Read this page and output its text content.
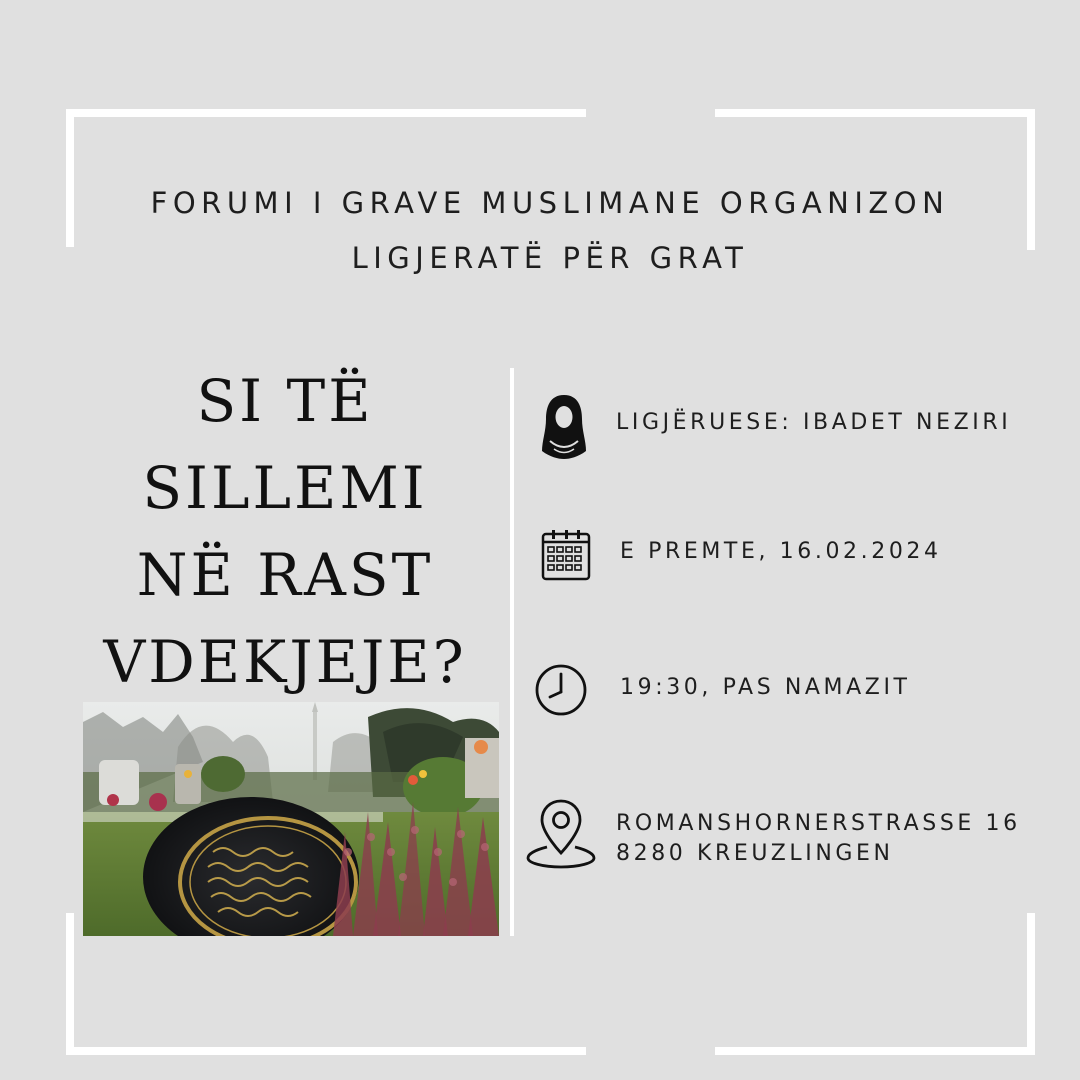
FORUMI I GRAVE MUSLIMANE ORGANIZON
LIGJERATË PËR GRAT
SI TË
SILLEMI
NË RAST
VDEKJEJE?
LIGJËRUESE: IBADET NEZIRI
E PREMTE, 16.02.2024
19:30, PAS NAMAZIT
ROMANSHORNERSTRASSE 16
8280 KREUZLINGEN
